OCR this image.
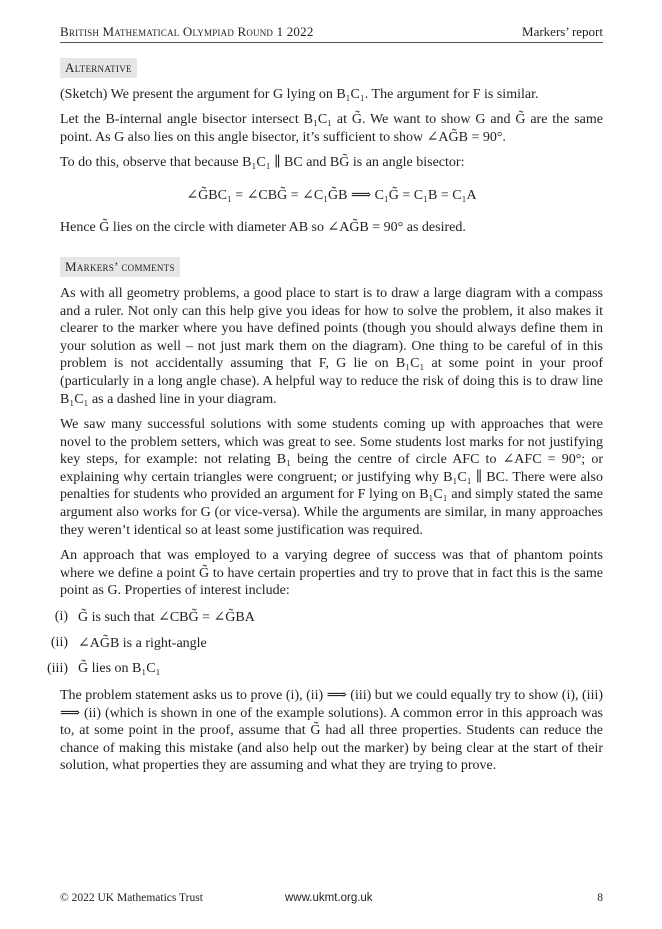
British Mathematical Olympiad Round 1 2022	Markers’ report
Alternative

(Sketch) We present the argument for G lying on B₁C₁. The argument for F is similar.

Let the B-internal angle bisector intersect B₁C₁ at G̃. We want to show G and G̃ are the same point. As G also lies on this angle bisector, it’s sufficient to show ∠AG̃B = 90°.

To do this, observe that because B₁C₁ ∥ BC and BG̃ is an angle bisector:

∠G̃BC₁ = ∠CBG̃ = ∠C₁G̃B ⟹ C₁G̃ = C₁B = C₁A

Hence G̃ lies on the circle with diameter AB so ∠AG̃B = 90° as desired.

Markers’ comments

As with all geometry problems, a good place to start is to draw a large diagram with a compass and a ruler. Not only can this help give you ideas for how to solve the problem, it also makes it clearer to the marker where you have defined points (though you should always define them in your solution as well – not just mark them on the diagram). One thing to be careful of in this problem is not accidentally assuming that F, G lie on B₁C₁ at some point in your proof (particularly in a long angle chase). A helpful way to reduce the risk of doing this is to draw line B₁C₁ as a dashed line in your diagram.

We saw many successful solutions with some students coming up with approaches that were novel to the problem setters, which was great to see. Some students lost marks for not justifying key steps, for example: not relating B₁ being the centre of circle AFC to ∠AFC = 90°; or explaining why certain triangles were congruent; or justifying why B₁C₁ ∥ BC. There were also penalties for students who provided an argument for F lying on B₁C₁ and simply stated the same argument also works for G (or vice-versa). While the arguments are similar, in many approaches they weren’t identical so at least some justification was required.

An approach that was employed to a varying degree of success was that of phantom points where we define a point G̃ to have certain properties and try to prove that in fact this is the same point as G. Properties of interest include:

(i) G̃ is such that ∠CBG̃ = ∠G̃BA
(ii) ∠AG̃B is a right-angle
(iii) G̃ lies on B₁C₁

The problem statement asks us to prove (i), (ii) ⟹ (iii) but we could equally try to show (i), (iii) ⟹ (ii) (which is shown in one of the example solutions). A common error in this approach was to, at some point in the proof, assume that G̃ had all three properties. Students can reduce the chance of making this mistake (and also help out the marker) by being clear at the start of their solution, what properties they are assuming and what they are trying to prove.

© 2022 UK Mathematics Trust	www.ukmt.org.uk	8
